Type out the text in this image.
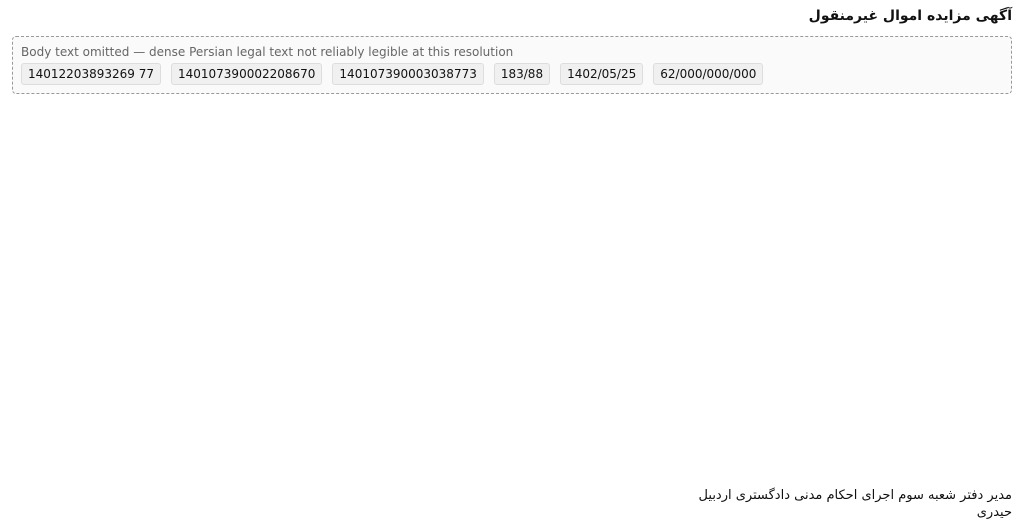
آگهی مزایده اموال غیرمنقول
Body text omitted — dense Persian legal text not reliably legible at this resolution
14012203893269 77	140107390002208670	140107390003038773	183/88	1402/05/25	62/000/000/000
مدیر دفتر شعبه سوم اجرای احکام مدنی دادگستری اردبیل
حیدری
